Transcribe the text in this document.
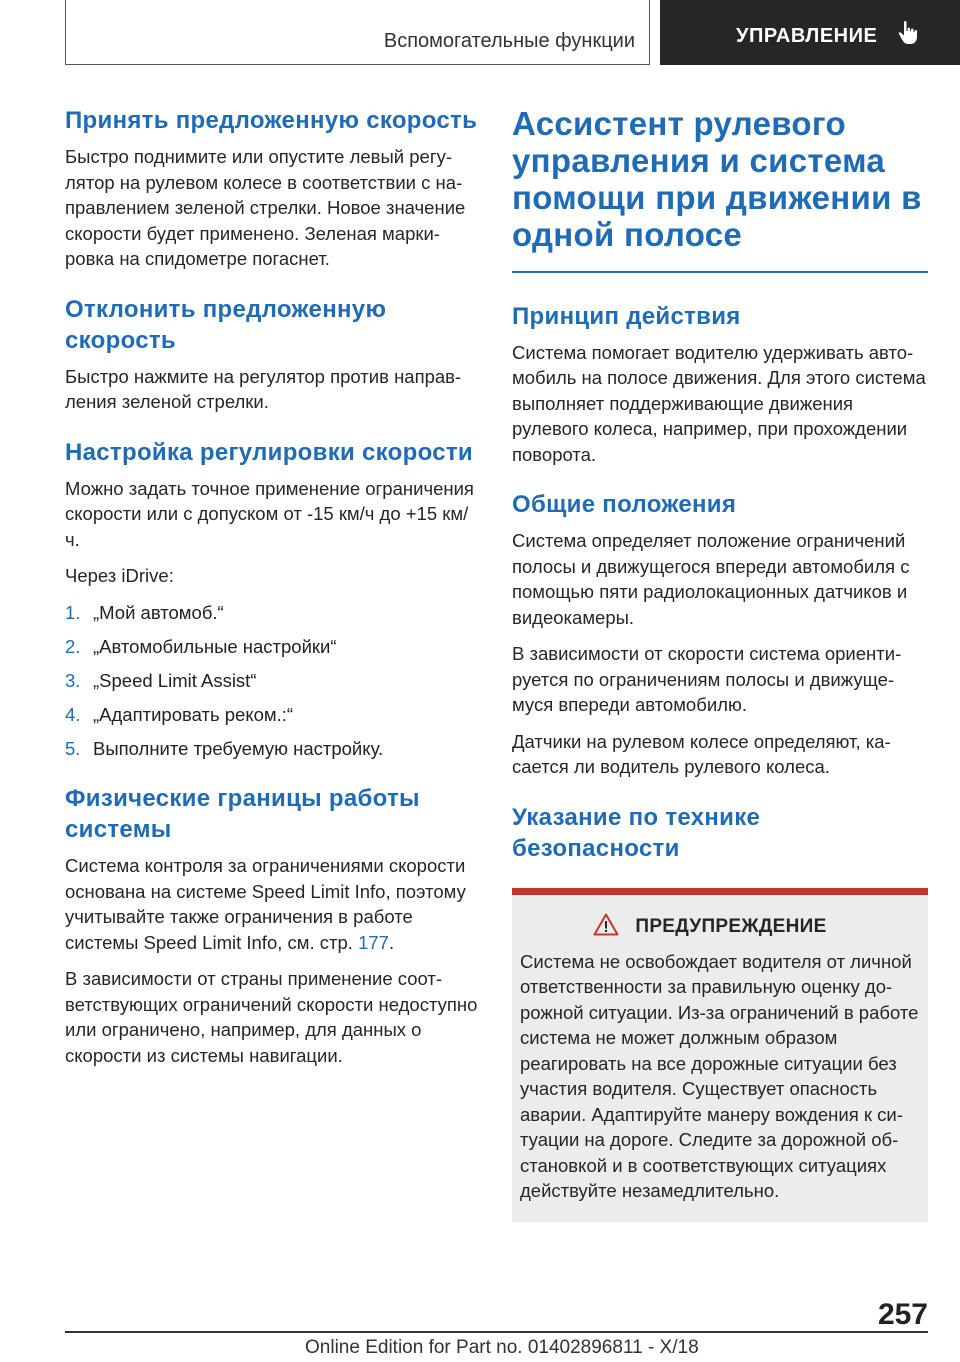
Вспомогательные функции	УПРАВЛЕНИЕ
Принять предложенную скорость

Быстро поднимите или опустите левый регулятор на рулевом колесе в соответствии с направлением зеленой стрелки. Новое значение скорости будет применено. Зеленая маркировка на спидометре погаснет.

Отклонить предложенную скорость

Быстро нажмите на регулятор против направления зеленой стрелки.

Настройка регулировки скорости

Можно задать точное применение ограничения скорости или с допуском от -15 км/ч до +15 км/ч.

Через iDrive:

1. „Мой автомоб.“
2. „Автомобильные настройки“
3. „Speed Limit Assist“
4. „Адаптировать реком.:“
5. Выполните требуемую настройку.
Физические границы работы системы

Система контроля за ограничениями скорости основана на системе Speed Limit Info, поэтому учитывайте также ограничения в работе системы Speed Limit Info, см. стр. 177.

В зависимости от страны применение соответствующих ограничений скорости недоступно или ограничено, например, для данных о скорости из системы навигации.

Ассистент рулевого управления и система помощи при движении в одной полосе
Принцип действия

Система помогает водителю удерживать автомобиль на полосе движения. Для этого система выполняет поддерживающие движения рулевого колеса, например, при прохождении поворота.

Общие положения

Система определяет положение ограничений полосы и движущегося впереди автомобиля с помощью пяти радиолокационных датчиков и видеокамеры.

В зависимости от скорости система ориентируется по ограничениям полосы и движущемуся впереди автомобилю.

Датчики на рулевом колесе определяют, касается ли водитель рулевого колеса.

Указание по технике безопасности
ПРЕДУПРЕЖДЕНИЕ

Система не освобождает водителя от личной ответственности за правильную оценку дорожной ситуации. Из-за ограничений в работе система не может должным образом реагировать на все дорожные ситуации без участия водителя. Существует опасность аварии. Адаптируйте манеру вождения к ситуации на дороге. Следите за дорожной обстановкой и в соответствующих ситуациях действуйте незамедлительно.

257
Online Edition for Part no. 01402896811 - X/18
